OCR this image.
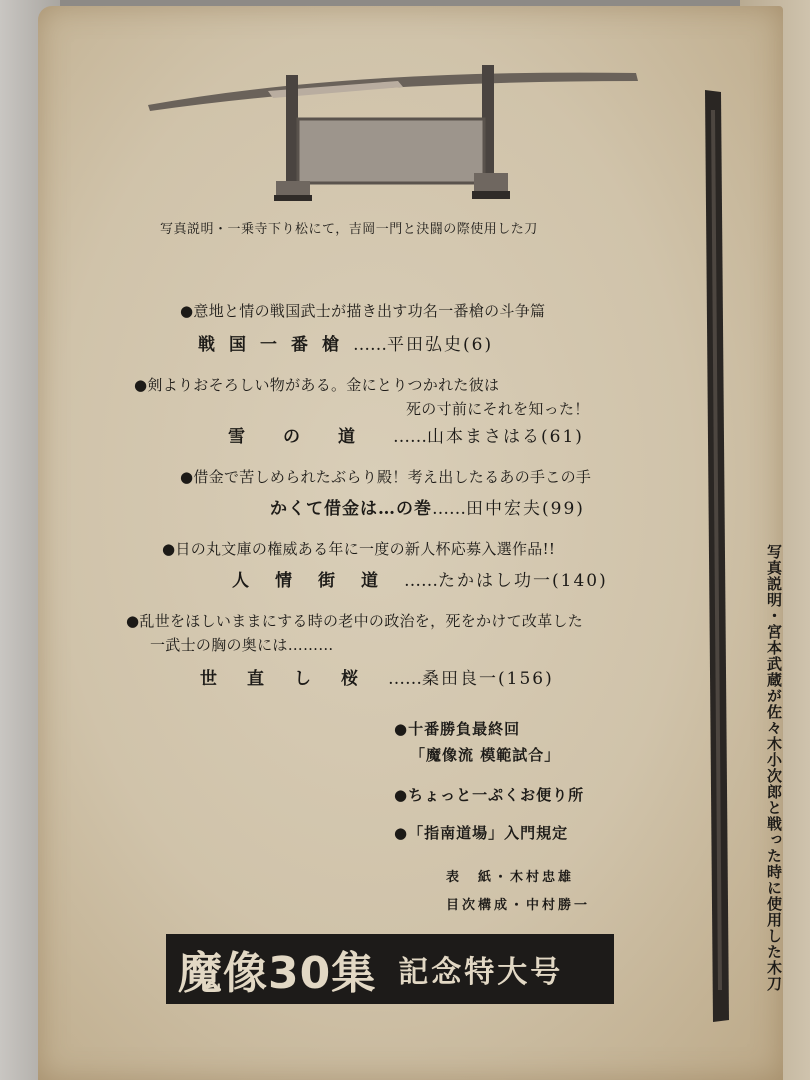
写真説明・一乗寺下り松にて，吉岡一門と決闘の際使用した刀
写真説明・宮本武蔵が佐々木小次郎と戦った時に使用した木刀
●意地と情の戦国武士が描き出す功名一番槍の斗争篇
戦国一番槍……平田弘史(6)
●剣よりおそろしい物がある。金にとりつかれた彼は
死の寸前にそれを知った！
雪の道……山本まさはる(61)
●借金で苦しめられたぶらり殿！考え出したるあの手この手
かくて借金は…の巻……田中宏夫(99)
●日の丸文庫の権威ある年に一度の新人杯応募入選作品!!
人情街道……たかはし功一(140)
●乱世をほしいままにする時の老中の政治を，死をかけて改革した
一武士の胸の奥には………
世直し桜……桑田良一(156)
●十番勝負最終回
「魔像流 模範試合」
●ちょっと一ぷくお便り所
●「指南道場」入門規定
表　紙・木村忠雄
目次構成・中村勝一
魔像30集 記念特大号
